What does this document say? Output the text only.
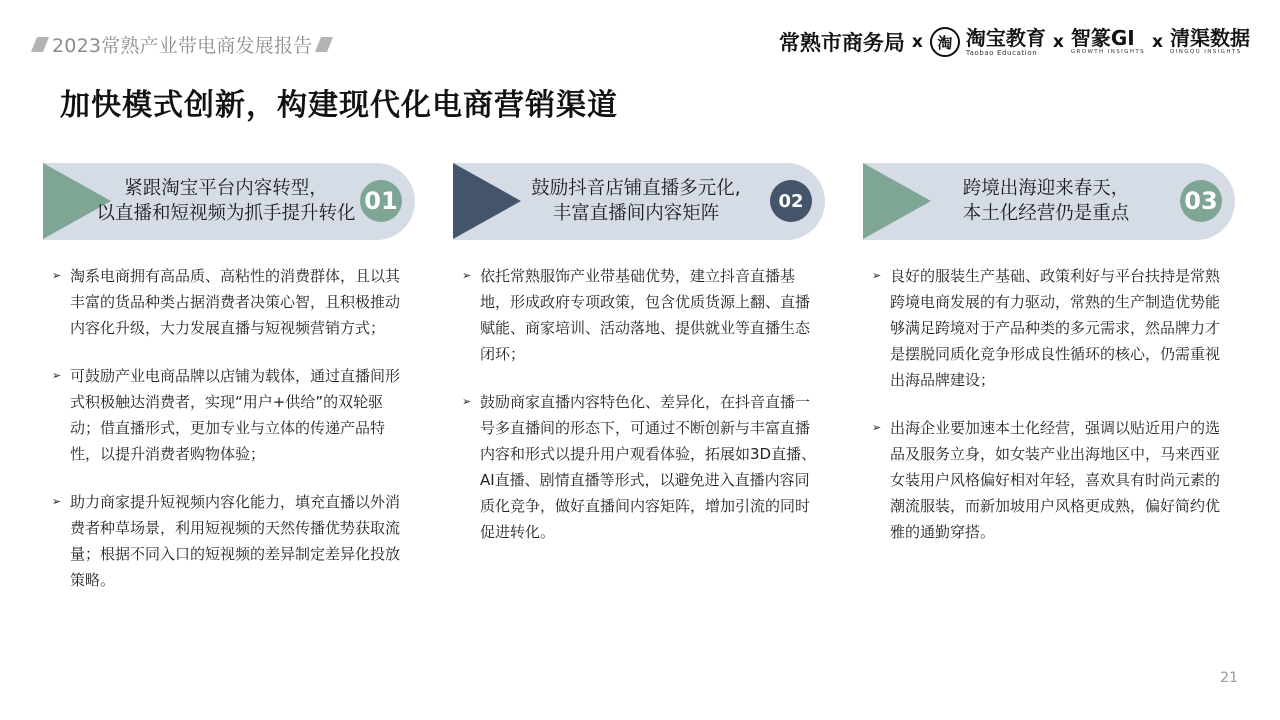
2023常熟产业带电商发展报告	常熟市商务局 x 淘 淘宝教育
Taobao Education
x 智篆GI
GROWTH INSIGHTS
x 清渠数据
QINGQU INSIGHTS
加快模式创新，构建现代化电商营销渠道
紧跟淘宝平台内容转型，
以直播和短视频为抓手提升转化 01	鼓励抖音店铺直播多元化,
丰富直播间内容矩阵
02
跨境出海迎来春天，
本土化经营仍是重点 03
➢ 淘系电商拥有高品质、高粘性的消费群体，且以其丰富的货品种类占据消费者决策心智，且积极推动内容化升级，大力发展直播与短视频营销方式；
➢ 可鼓励产业电商品牌以店铺为载体，通过直播间形式积极触达消费者，实现“用户+供给”的双轮驱动；借直播形式，更加专业与立体的传递产品特性，以提升消费者购物体验；
➢ 助力商家提升短视频内容化能力，填充直播以外消费者种草场景，利用短视频的天然传播优势获取流量；根据不同入口的短视频的差异制定差异化投放策略。
➢ 依托常熟服饰产业带基础优势，建立抖音直播基地，形成政府专项政策，包含优质货源上翻、直播赋能、商家培训、活动落地、提供就业等直播生态闭环；
➢ 鼓励商家直播内容特色化、差异化，在抖音直播一号多直播间的形态下，可通过不断创新与丰富直播内容和形式以提升用户观看体验，拓展如3D直播、AI直播、剧情直播等形式，以避免进入直播内容同质化竞争，做好直播间内容矩阵，增加引流的同时促进转化。
➢ 良好的服装生产基础、政策利好与平台扶持是常熟跨境电商发展的有力驱动，常熟的生产制造优势能够满足跨境对于产品种类的多元需求，然品牌力才是摆脱同质化竞争形成良性循环的核心，仍需重视出海品牌建设；
➢ 出海企业要加速本土化经营，强调以贴近用户的选品及服务立身，如女装产业出海地区中，马来西亚女装用户风格偏好相对年轻，喜欢具有时尚元素的潮流服装，而新加坡用户风格更成熟，偏好简约优雅的通勤穿搭。
21
